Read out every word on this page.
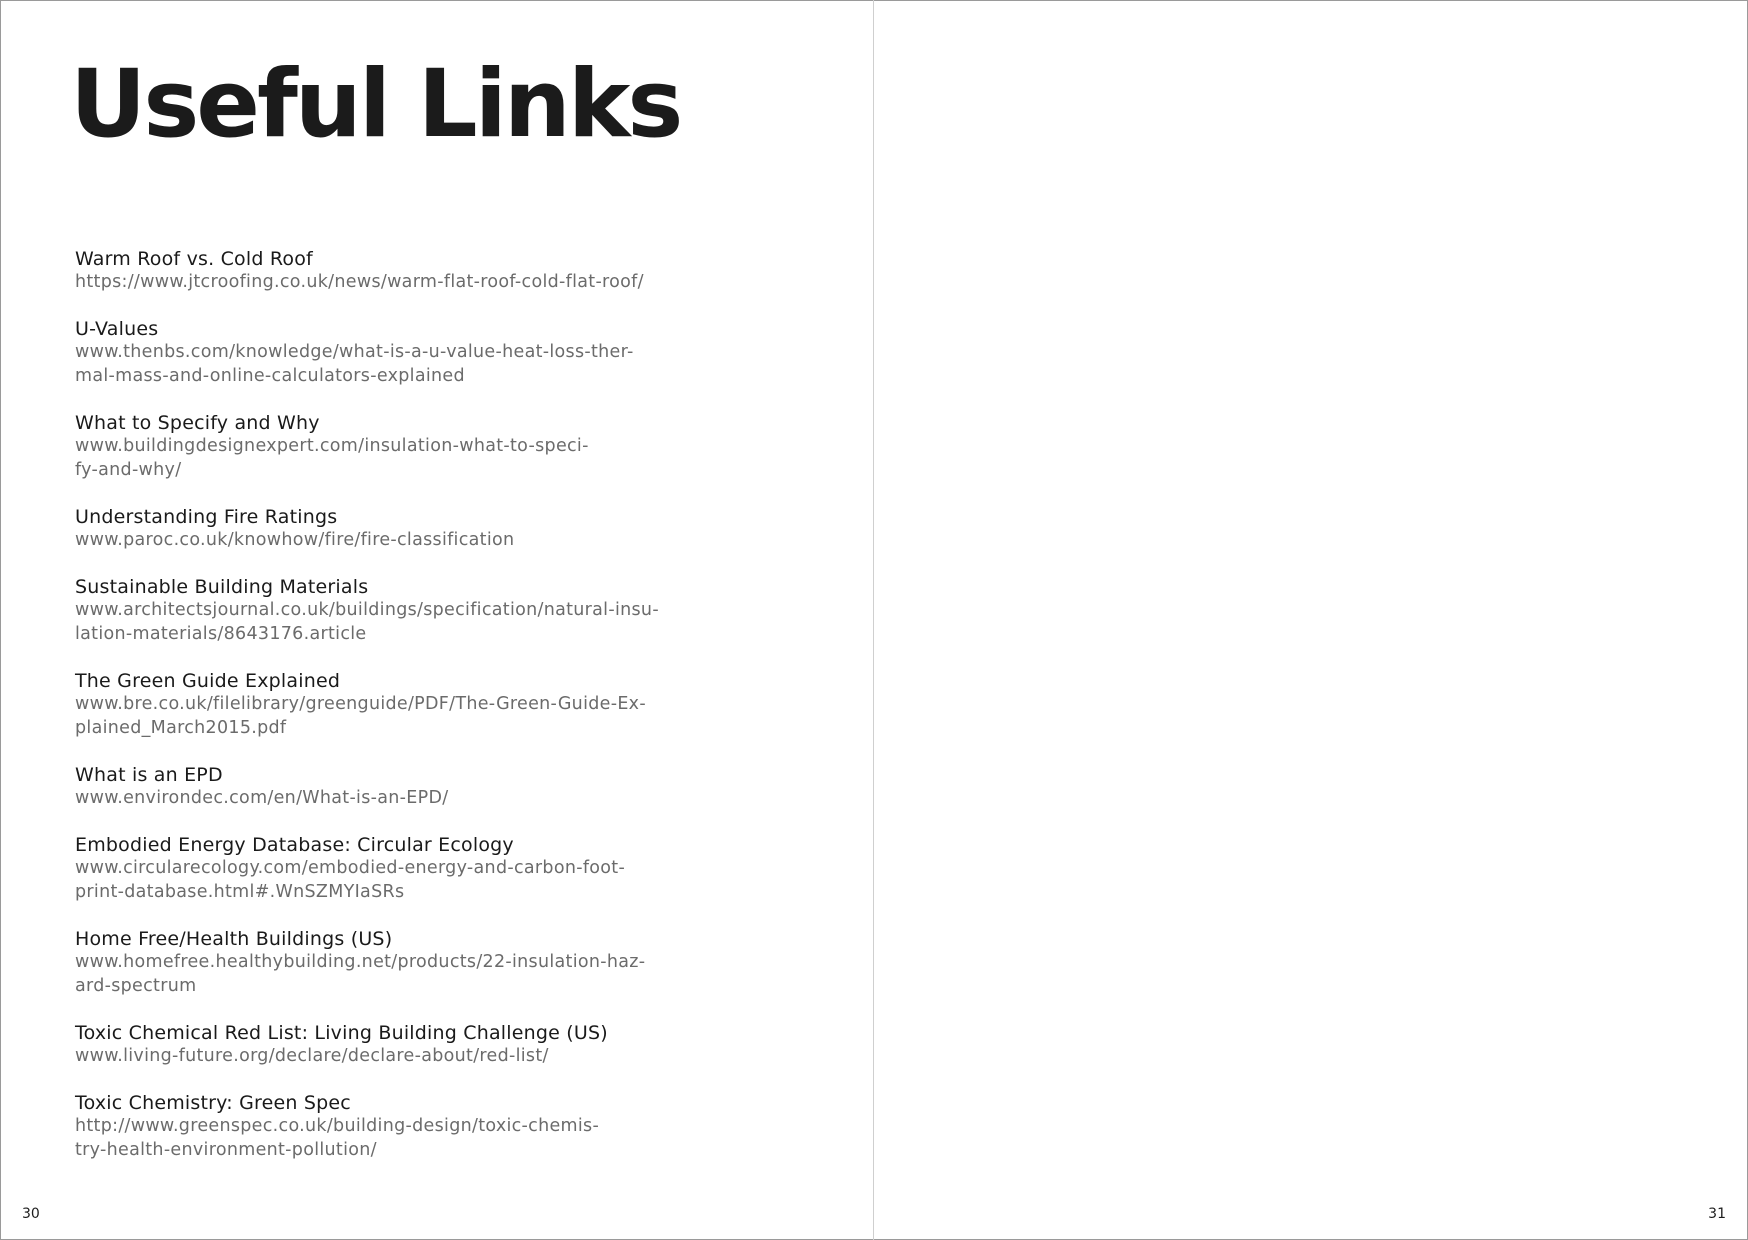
Useful Links
Warm Roof vs. Cold Roof
https://www.jtcroofing.co.uk/news/warm-flat-roof-cold-flat-roof/
U-Values
www.thenbs.com/knowledge/what-is-a-u-value-heat-loss-ther-
mal-mass-and-online-calculators-explained
What to Specify and Why
www.buildingdesignexpert.com/insulation-what-to-speci-
fy-and-why/
Understanding Fire Ratings
www.paroc.co.uk/knowhow/fire/fire-classification
Sustainable Building Materials
www.architectsjournal.co.uk/buildings/specification/natural-insu-
lation-materials/8643176.article
The Green Guide Explained
www.bre.co.uk/filelibrary/greenguide/PDF/The-Green-Guide-Ex-
plained_March2015.pdf
What is an EPD
www.environdec.com/en/What-is-an-EPD/
Embodied Energy Database: Circular Ecology
www.circularecology.com/embodied-energy-and-carbon-foot-
print-database.html#.WnSZMYIaSRs
Home Free/Health Buildings (US)
www.homefree.healthybuilding.net/products/22-insulation-haz-
ard-spectrum
Toxic Chemical Red List: Living Building Challenge (US)
www.living-future.org/declare/declare-about/red-list/
Toxic Chemistry: Green Spec
http://www.greenspec.co.uk/building-design/toxic-chemis-
try-health-environment-pollution/
30	31
